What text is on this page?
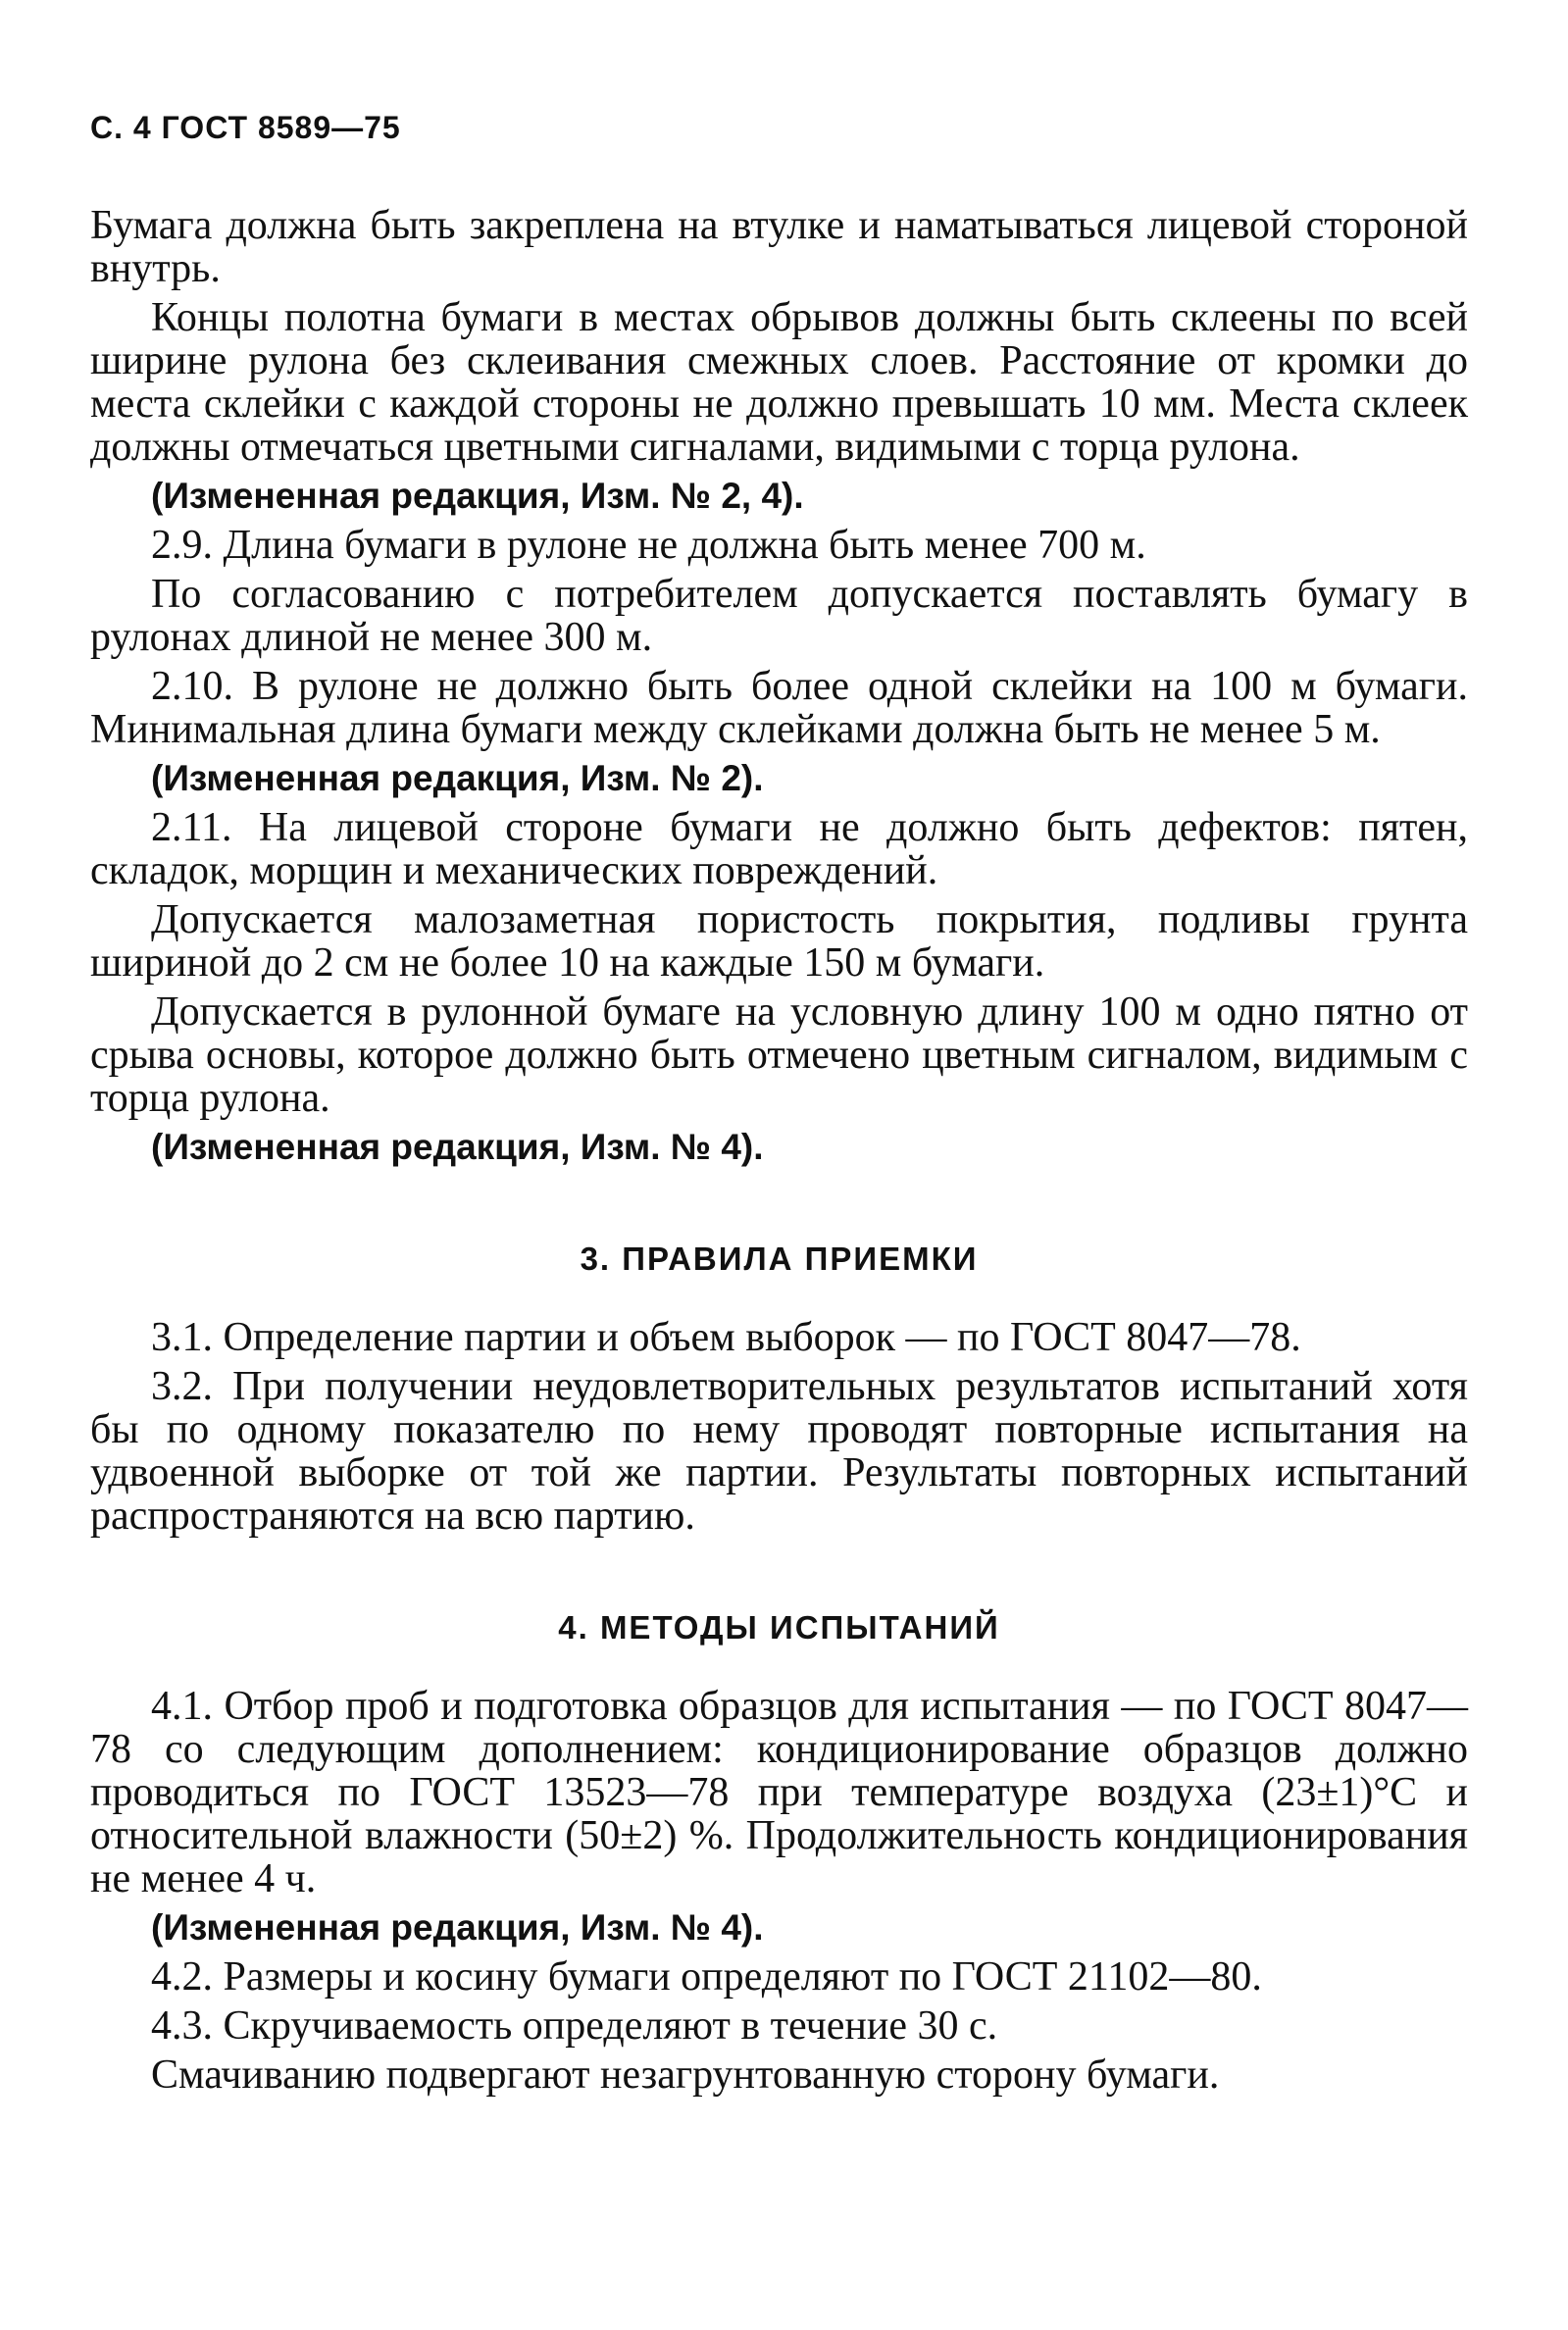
С. 4 ГОСТ 8589—75

Бумага должна быть закреплена на втулке и наматываться лицевой стороной внутрь.

Концы полотна бумаги в местах обрывов должны быть склеены по всей ширине рулона без склеивания смежных слоев. Расстояние от кромки до места склейки с каждой стороны не должно превышать 10 мм. Места склеек должны отмечаться цветными сигналами, видимыми с торца рулона.

(Измененная редакция, Изм. № 2, 4).

2.9. Длина бумаги в рулоне не должна быть менее 700 м.

По согласованию с потребителем допускается поставлять бумагу в рулонах длиной не менее 300 м.

2.10. В рулоне не должно быть более одной склейки на 100 м бумаги. Минимальная длина бумаги между склейками должна быть не менее 5 м.

(Измененная редакция, Изм. № 2).

2.11. На лицевой стороне бумаги не должно быть дефектов: пятен, складок, морщин и механических повреждений.

Допускается малозаметная пористость покрытия, подливы грунта шириной до 2 см не более 10 на каждые 150 м бумаги.

Допускается в рулонной бумаге на условную длину 100 м одно пятно от срыва основы, которое должно быть отмечено цветным сигналом, видимым с торца рулона.

(Измененная редакция, Изм. № 4).

3. ПРАВИЛА ПРИЕМКИ

3.1. Определение партии и объем выборок — по ГОСТ 8047—78.

3.2. При получении неудовлетворительных результатов испытаний хотя бы по одному показателю по нему проводят повторные испытания на удвоенной выборке от той же партии. Результаты повторных испытаний распространяются на всю партию.

4. МЕТОДЫ ИСПЫТАНИЙ

4.1. Отбор проб и подготовка образцов для испытания — по ГОСТ 8047—78 со следующим дополнением: кондиционирование образцов должно проводиться по ГОСТ 13523—78 при температуре воздуха (23±1)°С и относительной влажности (50±2) %. Продолжительность кондиционирования не менее 4 ч.

(Измененная редакция, Изм. № 4).

4.2. Размеры и косину бумаги определяют по ГОСТ 21102—80.

4.3. Скручиваемость определяют в течение 30 с.

Смачиванию подвергают незагрунтованную сторону бумаги.
